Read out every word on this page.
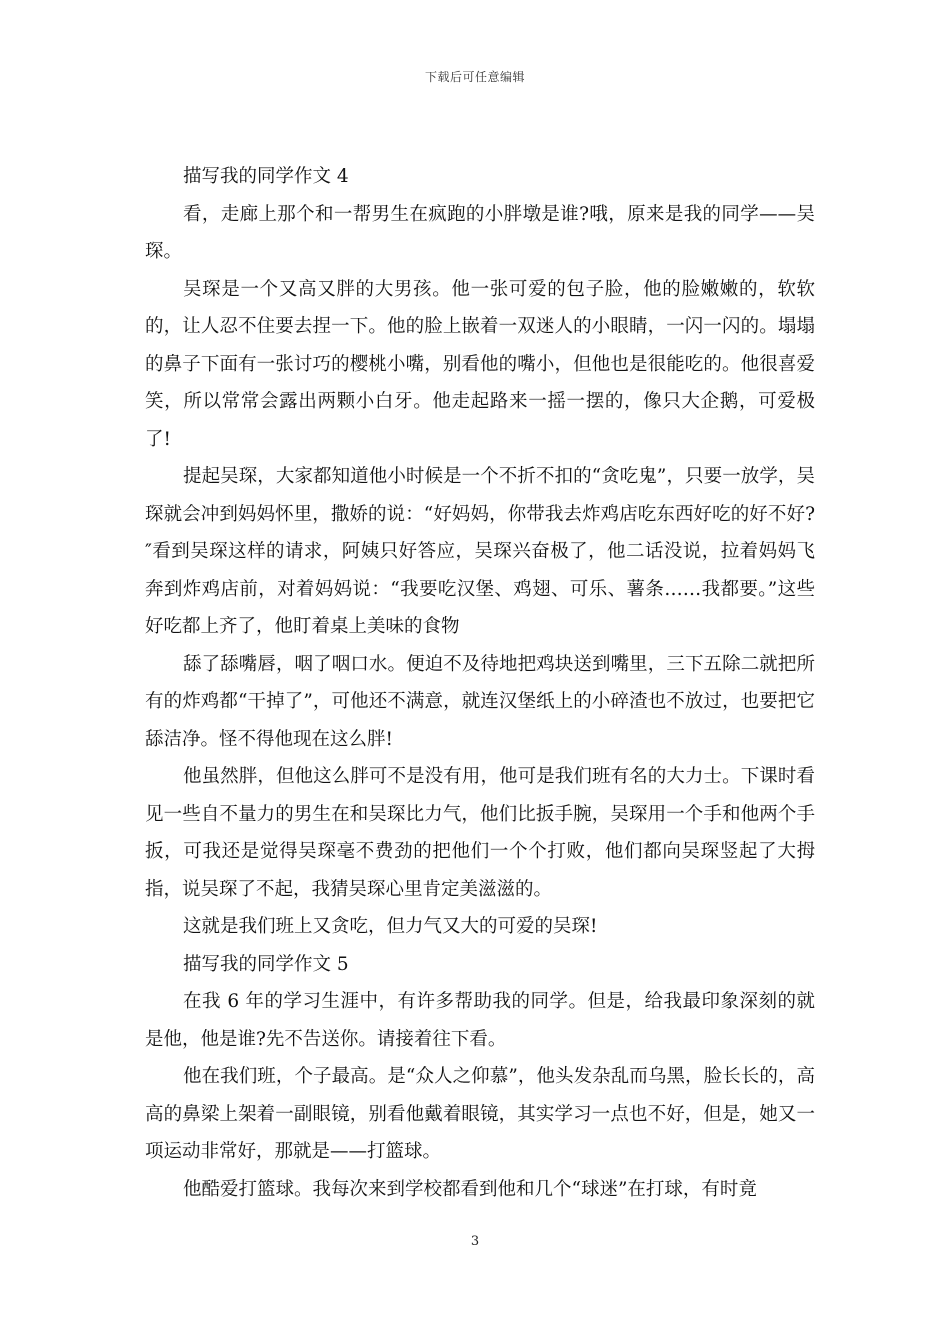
下载后可任意编辑

描写我的同学作文 4

看，走廊上那个和一帮男生在疯跑的小胖墩是谁?哦，原来是我的同学——吴琛。

吴琛是一个又高又胖的大男孩。他一张可爱的包子脸，他的脸嫩嫩的，软软的，让人忍不住要去捏一下。他的脸上嵌着一双迷人的小眼睛，一闪一闪的。塌塌的鼻子下面有一张讨巧的樱桃小嘴，别看他的嘴小，但他也是很能吃的。他很喜爱笑，所以常常会露出两颗小白牙。他走起路来一摇一摆的，像只大企鹅，可爱极了!

提起吴琛，大家都知道他小时候是一个不折不扣的“贪吃鬼”，只要一放学，吴琛就会冲到妈妈怀里，撒娇的说：“好妈妈，你带我去炸鸡店吃东西好吃的好不好?″看到吴琛这样的请求，阿姨只好答应，吴琛兴奋极了，他二话没说，拉着妈妈飞奔到炸鸡店前，对着妈妈说：“我要吃汉堡、鸡翅、可乐、薯条……我都要。”这些好吃都上齐了，他盯着桌上美味的食物

舔了舔嘴唇，咽了咽口水。便迫不及待地把鸡块送到嘴里，三下五除二就把所有的炸鸡都“干掉了”，可他还不满意，就连汉堡纸上的小碎渣也不放过，也要把它舔洁净。怪不得他现在这么胖!

他虽然胖，但他这么胖可不是没有用，他可是我们班有名的大力士。下课时看见一些自不量力的男生在和吴琛比力气，他们比扳手腕，吴琛用一个手和他两个手扳，可我还是觉得吴琛毫不费劲的把他们一个个打败，他们都向吴琛竖起了大拇指，说吴琛了不起，我猜吴琛心里肯定美滋滋的。

这就是我们班上又贪吃，但力气又大的可爱的吴琛!

描写我的同学作文 5

在我 6 年的学习生涯中，有许多帮助我的同学。但是，给我最印象深刻的就是他，他是谁?先不告送你。请接着往下看。

他在我们班，个子最高。是“众人之仰慕”，他头发杂乱而乌黑，脸长长的，高高的鼻梁上架着一副眼镜，别看他戴着眼镜，其实学习一点也不好，但是，她又一项运动非常好，那就是——打篮球。

他酷爱打篮球。我每次来到学校都看到他和几个“球迷”在打球，有时竟

3
